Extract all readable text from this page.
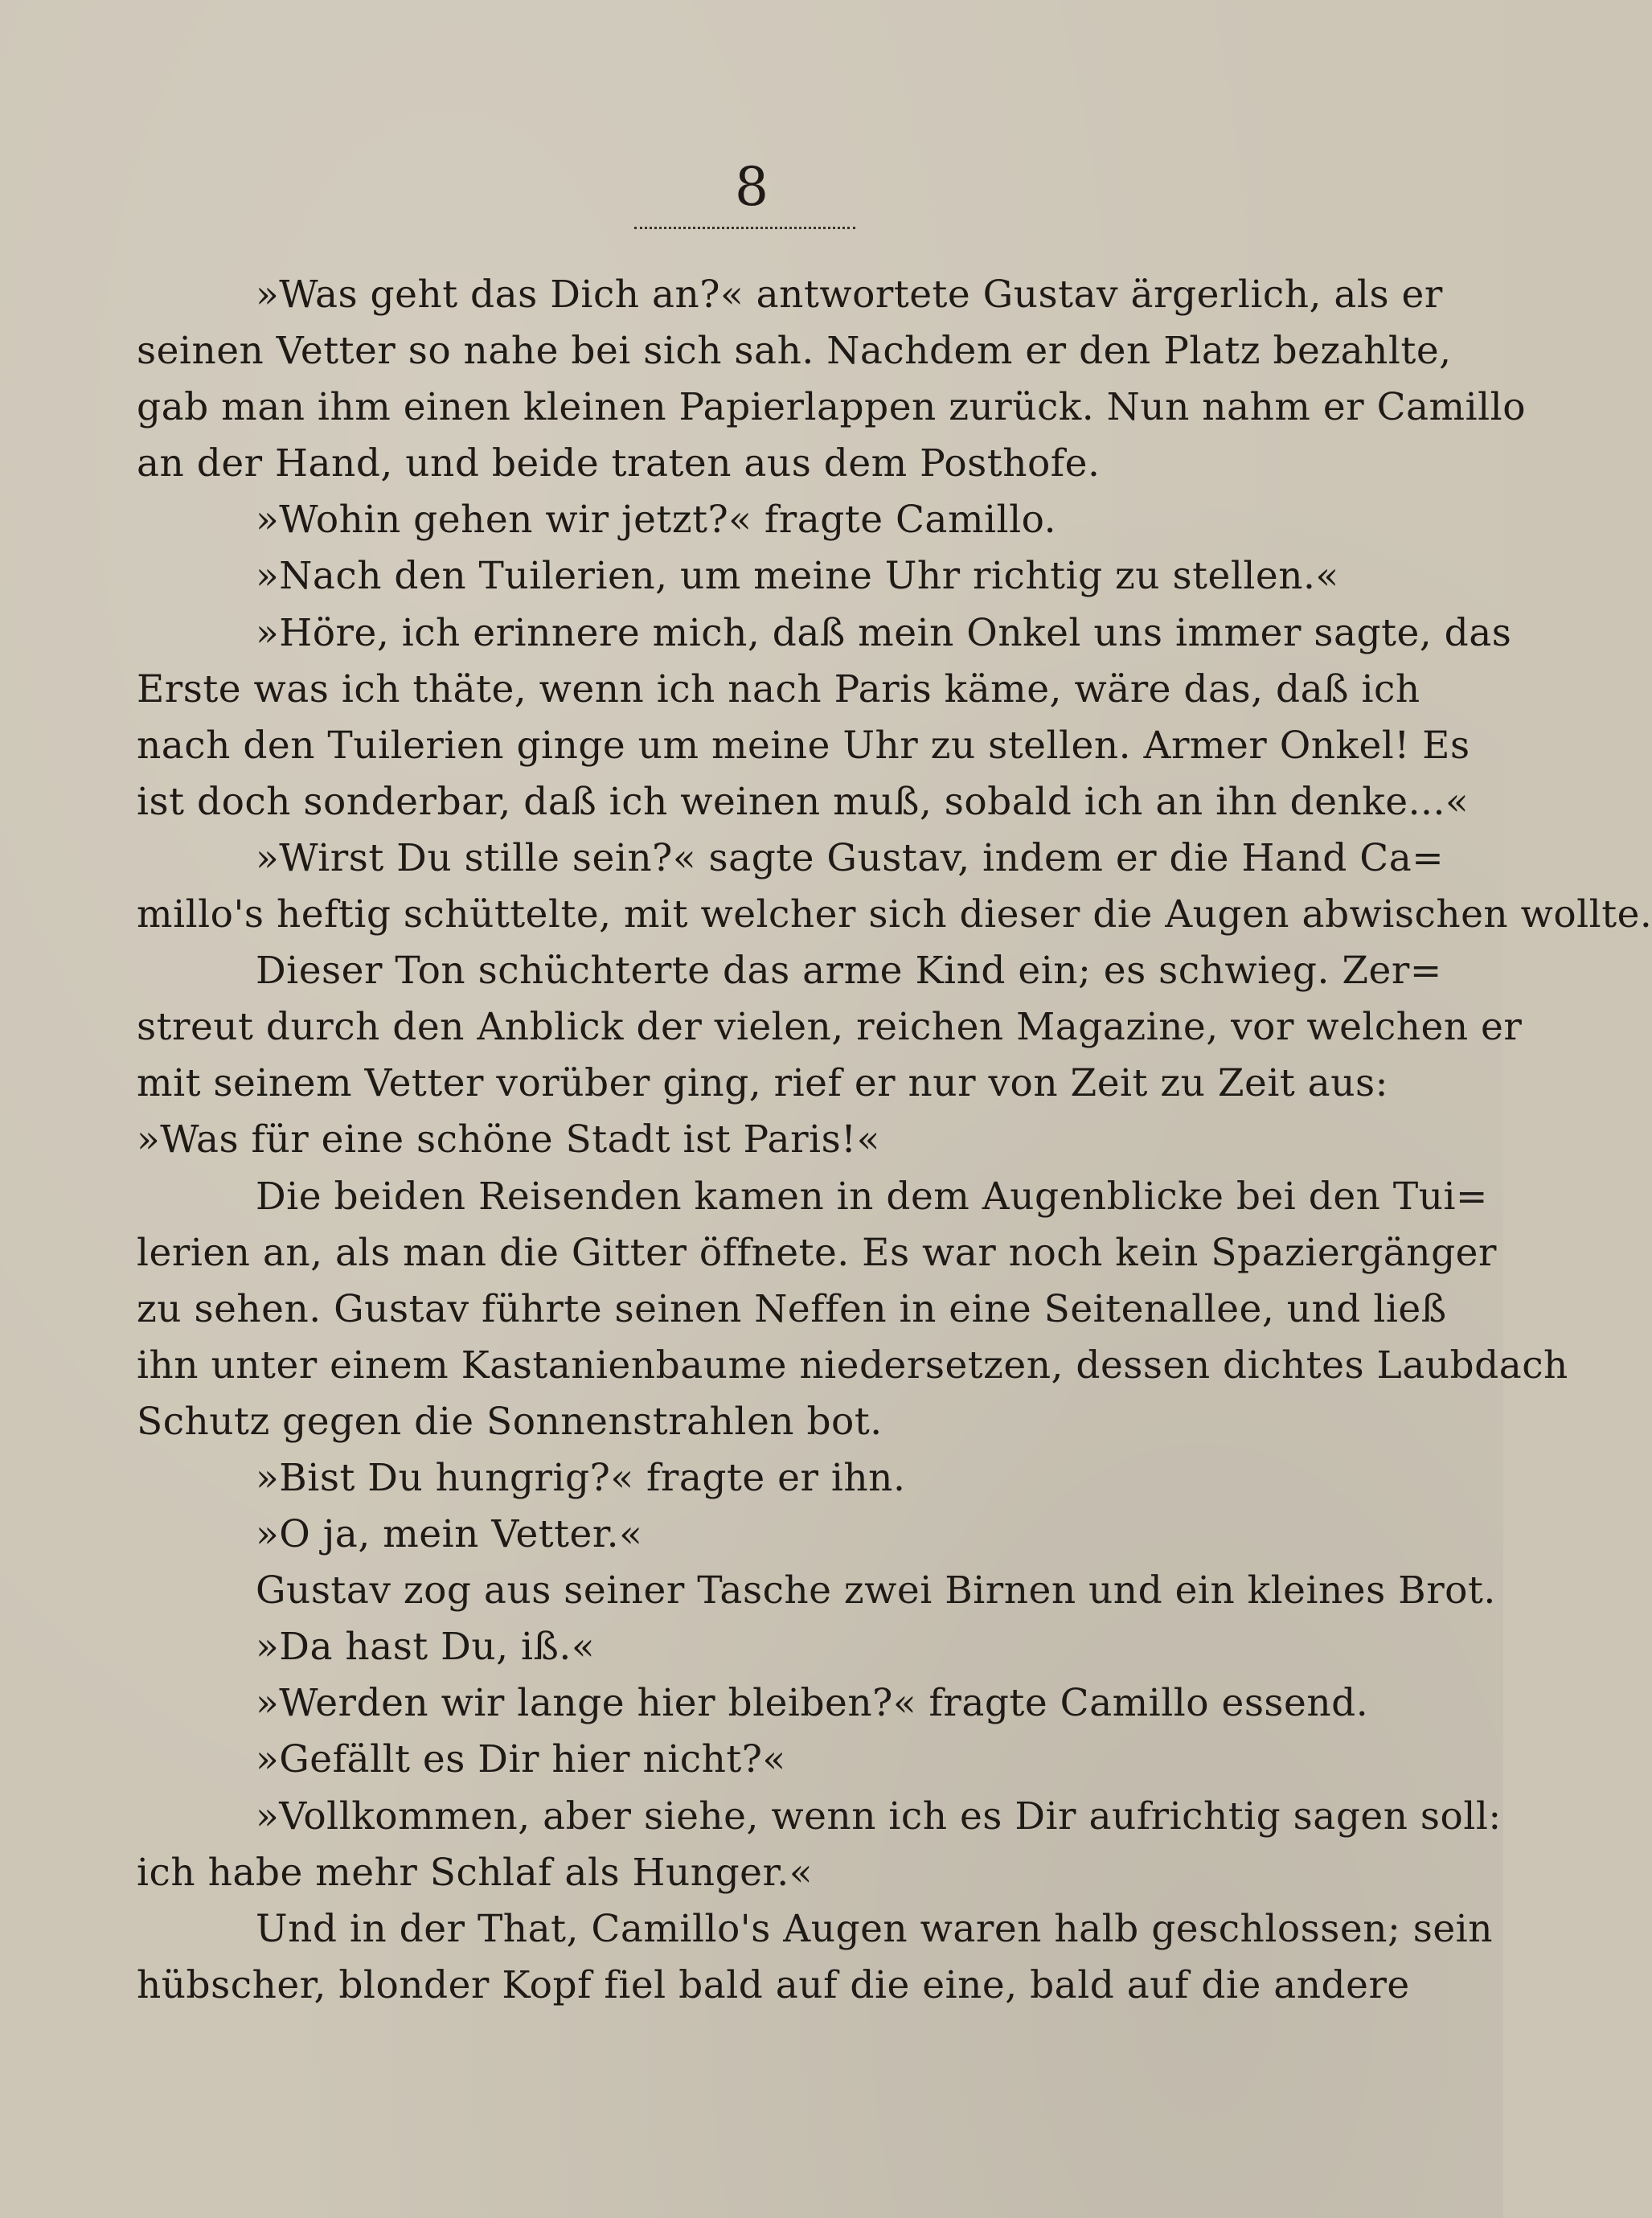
8
»Was geht das Dich an?« antwortete Gustav ärgerlich, als er
seinen Vetter so nahe bei sich sah. Nachdem er den Platz bezahlte,
gab man ihm einen kleinen Papierlappen zurück. Nun nahm er Camillo
an der Hand, und beide traten aus dem Posthofe.
»Wohin gehen wir jetzt?« fragte Camillo.
»Nach den Tuilerien, um meine Uhr richtig zu stellen.«
»Höre, ich erinnere mich, daß mein Onkel uns immer sagte, das
Erste was ich thäte, wenn ich nach Paris käme, wäre das, daß ich
nach den Tuilerien ginge um meine Uhr zu stellen. Armer Onkel! Es
ist doch sonderbar, daß ich weinen muß, sobald ich an ihn denke...«
»Wirst Du stille sein?« sagte Gustav, indem er die Hand Ca=
millo's heftig schüttelte, mit welcher sich dieser die Augen abwischen wollte.
Dieser Ton schüchterte das arme Kind ein; es schwieg. Zer=
streut durch den Anblick der vielen, reichen Magazine, vor welchen er
mit seinem Vetter vorüber ging, rief er nur von Zeit zu Zeit aus:
»Was für eine schöne Stadt ist Paris!«
Die beiden Reisenden kamen in dem Augenblicke bei den Tui=
lerien an, als man die Gitter öffnete. Es war noch kein Spaziergänger
zu sehen. Gustav führte seinen Neffen in eine Seitenallee, und ließ
ihn unter einem Kastanienbaume niedersetzen, dessen dichtes Laubdach
Schutz gegen die Sonnenstrahlen bot.
»Bist Du hungrig?« fragte er ihn.
»O ja, mein Vetter.«
Gustav zog aus seiner Tasche zwei Birnen und ein kleines Brot.
»Da hast Du, iß.«
»Werden wir lange hier bleiben?« fragte Camillo essend.
»Gefällt es Dir hier nicht?«
»Vollkommen, aber siehe, wenn ich es Dir aufrichtig sagen soll:
ich habe mehr Schlaf als Hunger.«
Und in der That, Camillo's Augen waren halb geschlossen; sein
hübscher, blonder Kopf fiel bald auf die eine, bald auf die andere
